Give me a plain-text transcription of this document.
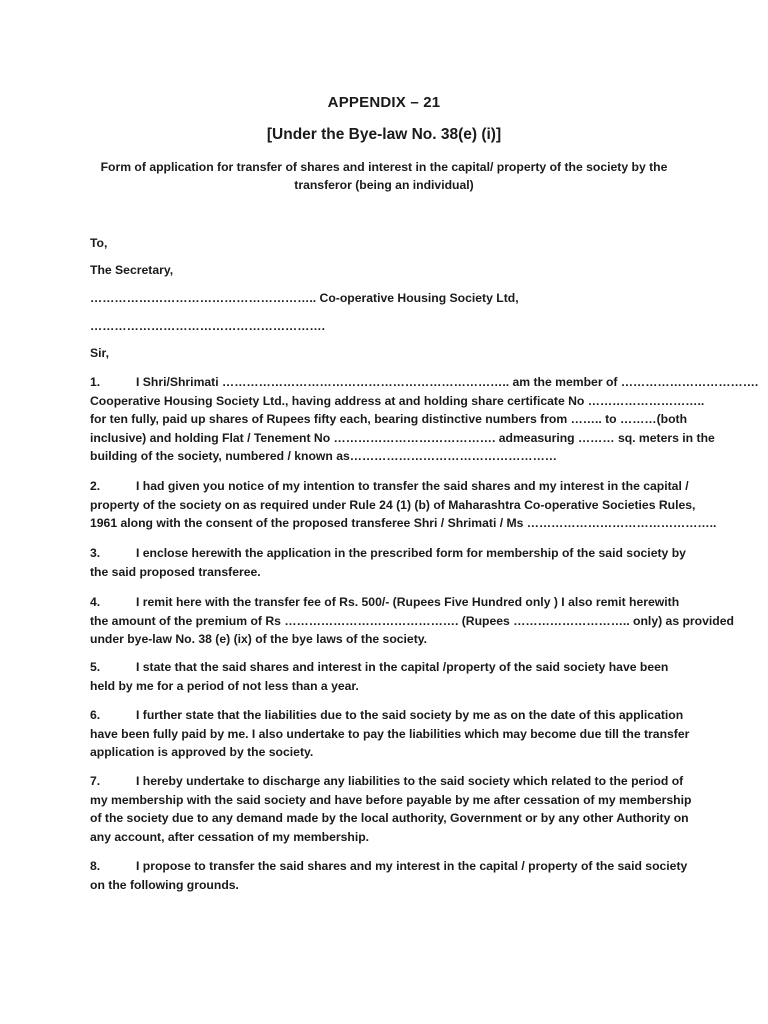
APPENDIX – 21
[Under the Bye-law No. 38(e) (i)]
Form of application for transfer of shares and interest in the capital/ property of the society by the
transferor (being an individual)
To,
The Secretary,
……………………………………………….. Co-operative Housing Society Ltd,
………………………………………………….
Sir,
1.	I Shri/Shrimati …………………………………………………………….. am the member of …………………………….
Cooperative Housing Society Ltd., having address at and holding share certificate No ………………………..
for ten fully, paid up shares of Rupees fifty each, bearing distinctive numbers from …….. to ………(both
inclusive) and holding Flat / Tenement No …………………………………. admeasuring ……… sq. meters in the
building of the society, numbered / known as……………………………………………
2.	I had given you notice of my intention to transfer the said shares and my interest in the capital /
property of the society on as required under Rule 24 (1) (b) of Maharashtra Co-operative Societies Rules,
1961 along with the consent of the proposed transferee Shri / Shrimati / Ms ………………………………………..
3.	I enclose herewith the application in the prescribed form for membership of the said society by
the said proposed transferee.
4.	I remit here with the transfer fee of Rs. 500/- (Rupees Five Hundred only ) I also remit herewith
the amount of the premium of Rs ……………………………………. (Rupees ……………………….. only) as provided
under bye-law No. 38 (e) (ix) of the bye laws of the society.
5.	I state that the said shares and interest in the capital /property of the said society have been
held by me for a period of not less than a year.
6.	I further state that the liabilities due to the said society by me as on the date of this application
have been fully paid by me. I also undertake to pay the liabilities which may become due till the transfer
application is approved by the society.
7.	I hereby undertake to discharge any liabilities to the said society which related to the period of
my membership with the said society and have before payable by me after cessation of my membership
of the society due to any demand made by the local authority, Government or by any other Authority on
any account, after cessation of my membership.
8.	I propose to transfer the said shares and my interest in the capital / property of the said society
on the following grounds.
